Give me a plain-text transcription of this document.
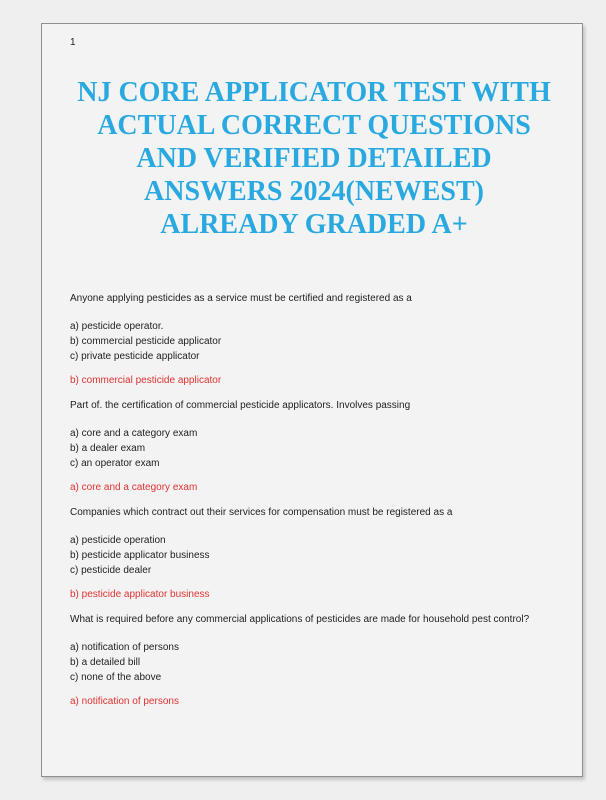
1
NJ CORE APPLICATOR TEST WITH
ACTUAL CORRECT QUESTIONS
AND VERIFIED DETAILED
ANSWERS 2024(NEWEST)
ALREADY GRADED A+

Anyone applying pesticides as a service must be certified and registered as a

a) pesticide operator.

b) commercial pesticide applicator

c) private pesticide applicator

b) commercial pesticide applicator

Part of. the certification of commercial pesticide applicators. Involves passing

a) core and a category exam

b) a dealer exam

c) an operator exam

a) core and a category exam

Companies which contract out their services for compensation must be registered as a

a) pesticide operation

b) pesticide applicator business

c) pesticide dealer

b) pesticide applicator business

What is required before any commercial applications of pesticides are made for household pest control?

a) notification of persons

b) a detailed bill

c) none of the above

a) notification of persons
